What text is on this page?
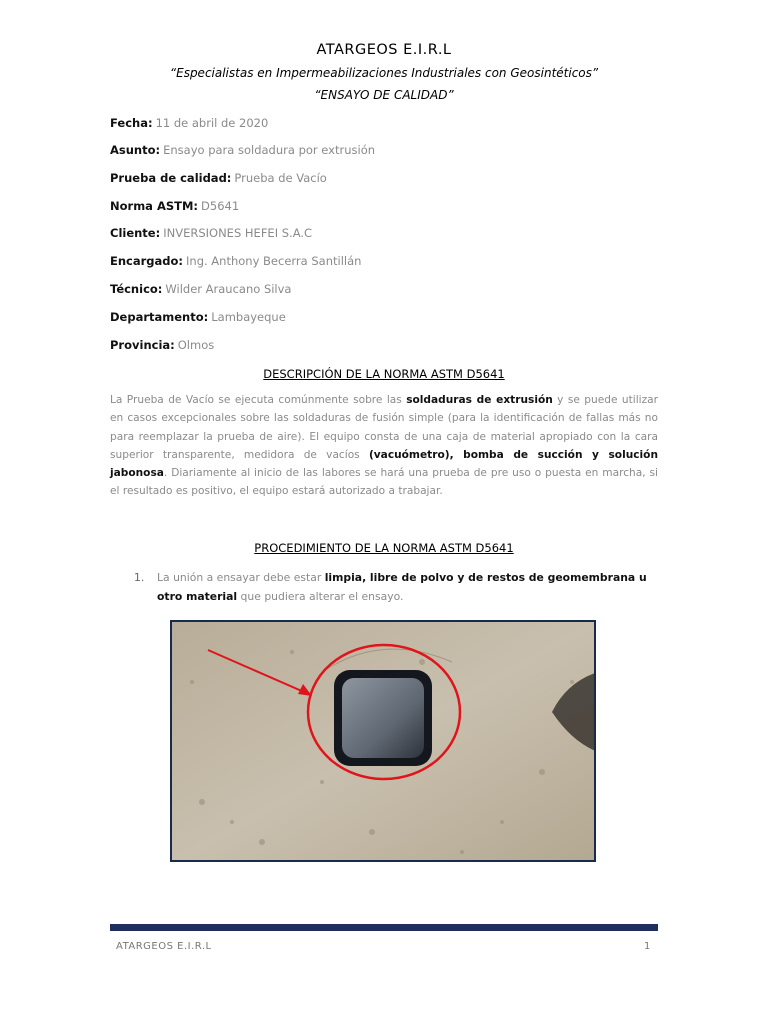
ATARGEOS E.I.R.L
“Especialistas en Impermeabilizaciones Industriales con Geosintéticos”
“ENSAYO DE CALIDAD”
Fecha: 11 de abril de 2020
Asunto: Ensayo para soldadura por extrusión
Prueba de calidad: Prueba de Vacío
Norma ASTM: D5641
Cliente: INVERSIONES HEFEI S.A.C
Encargado: Ing. Anthony Becerra Santillán
Técnico: Wilder Araucano Silva
Departamento: Lambayeque
Provincia: Olmos
DESCRIPCIÓN DE LA NORMA ASTM D5641
La Prueba de Vacío se ejecuta comúnmente sobre las soldaduras de extrusión y se puede utilizar en casos excepcionales sobre las soldaduras de fusión simple (para la identificación de fallas más no para reemplazar la prueba de aire). El equipo consta de una caja de material apropiado con la cara superior transparente, medidora de vacíos (vacuómetro), bomba de succión y solución jabonosa. Diariamente al inicio de las labores se hará una prueba de pre uso o puesta en marcha, si el resultado es positivo, el equipo estará autorizado a trabajar.
PROCEDIMIENTO DE LA NORMA ASTM D5641
1. La unión a ensayar debe estar limpia, libre de polvo y de restos de geomembrana u otro material que pudiera alterar el ensayo.
ATARGEOS E.I.R.L	1
